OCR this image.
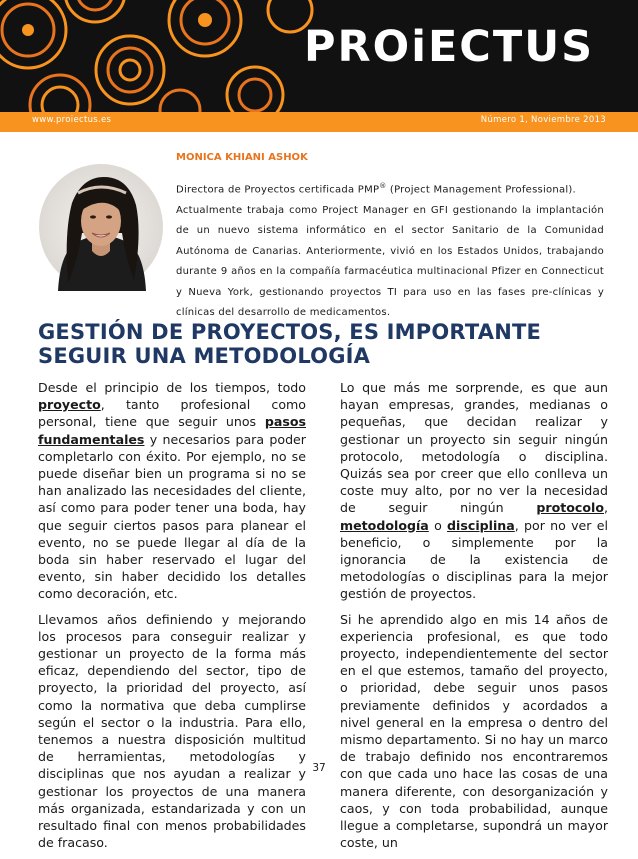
PROiECTUS
www.proiectus.es	Número 1, Noviembre 2013
MONICA KHIANI ASHOK

Directora de Proyectos certificada PMP® (Project Management Professional).

Actualmente trabaja como Project Manager en GFI gestionando la implantación de un nuevo sistema informático en el sector Sanitario de la Comunidad Autónoma de Canarias. Anteriormente, vivió en los Estados Unidos, trabajando durante 9 años en la compañía farmacéutica multinacional Pfizer en Connecticut y Nueva York, gestionando proyectos TI para uso en las fases pre-clínicas y clínicas del desarrollo de medicamentos.

GESTIÓN DE PROYECTOS, ES IMPORTANTE SEGUIR UNA METODOLOGÍA

Desde el principio de los tiempos, todo proyecto, tanto profesional como personal, tiene que seguir unos pasos fundamentales y necesarios para poder completarlo con éxito. Por ejemplo, no se puede diseñar bien un programa si no se han analizado las necesidades del cliente, así como para poder tener una boda, hay que seguir ciertos pasos para planear el evento, no se puede llegar al día de la boda sin haber reservado el lugar del evento, sin haber decidido los detalles como decoración, etc.

Llevamos años definiendo y mejorando los procesos para conseguir realizar y gestionar un proyecto de la forma más eficaz, dependiendo del sector, tipo de proyecto, la prioridad del proyecto, así como la normativa que deba cumplirse según el sector o la industria. Para ello, tenemos a nuestra disposición multitud de herramientas, metodologías y disciplinas que nos ayudan a realizar y gestionar los proyectos de una manera más organizada, estandarizada y con un resultado final con menos probabilidades de fracaso.

Lo que más me sorprende, es que aun hayan empresas, grandes, medianas o pequeñas, que decidan realizar y gestionar un proyecto sin seguir ningún protocolo, metodología o disciplina. Quizás sea por creer que ello conlleva un coste muy alto, por no ver la necesidad de seguir ningún protocolo, metodología o disciplina, por no ver el beneficio, o simplemente por la ignorancia de la existencia de metodologías o disciplinas para la mejor gestión de proyectos.

Si he aprendido algo en mis 14 años de experiencia profesional, es que todo proyecto, independientemente del sector en el que estemos, tamaño del proyecto, o prioridad, debe seguir unos pasos previamente definidos y acordados a nivel general en la empresa o dentro del mismo departamento. Si no hay un marco de trabajo definido nos encontraremos con que cada uno hace las cosas de una manera diferente, con desorganización y caos, y con toda probabilidad, aunque llegue a completarse, supondrá un mayor coste, un

37
